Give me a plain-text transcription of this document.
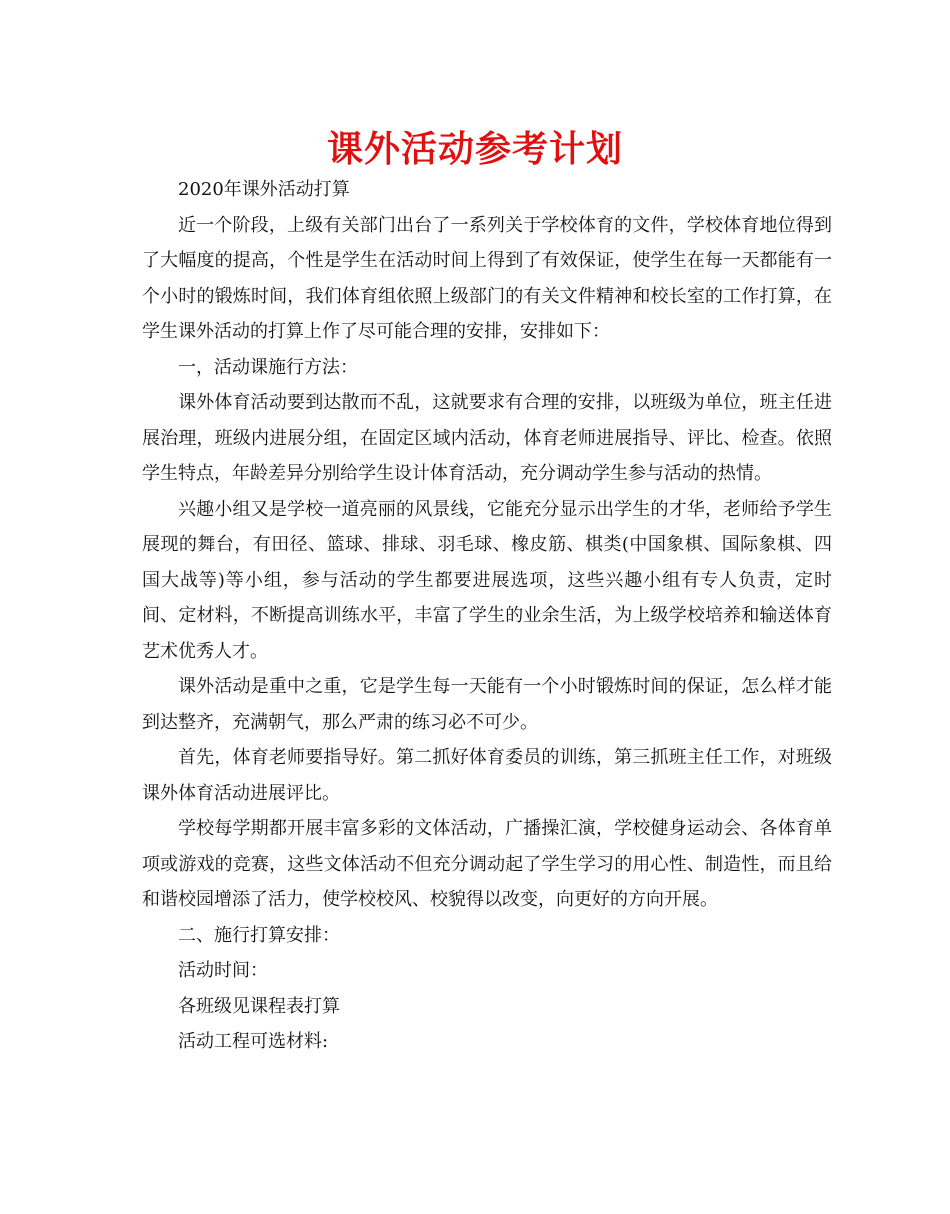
课外活动参考计划

2020年课外活动打算

近一个阶段，上级有关部门出台了一系列关于学校体育的文件，学校体育地位得到了大幅度的提高，个性是学生在活动时间上得到了有效保证，使学生在每一天都能有一个小时的锻炼时间，我们体育组依照上级部门的有关文件精神和校长室的工作打算，在学生课外活动的打算上作了尽可能合理的安排，安排如下：

一，活动课施行方法：

课外体育活动要到达散而不乱，这就要求有合理的安排，以班级为单位，班主任进展治理，班级内进展分组，在固定区域内活动，体育老师进展指导、评比、检查。依照学生特点，年龄差异分别给学生设计体育活动，充分调动学生参与活动的热情。

兴趣小组又是学校一道亮丽的风景线，它能充分显示出学生的才华，老师给予学生展现的舞台，有田径、篮球、排球、羽毛球、橡皮筋、棋类(中国象棋、国际象棋、四国大战等)等小组，参与活动的学生都要进展选项，这些兴趣小组有专人负责，定时间、定材料，不断提高训练水平，丰富了学生的业余生活，为上级学校培养和输送体育艺术优秀人才。

课外活动是重中之重，它是学生每一天能有一个小时锻炼时间的保证，怎么样才能到达整齐，充满朝气，那么严肃的练习必不可少。

首先，体育老师要指导好。第二抓好体育委员的训练，第三抓班主任工作，对班级课外体育活动进展评比。

学校每学期都开展丰富多彩的文体活动，广播操汇演，学校健身运动会、各体育单项或游戏的竞赛，这些文体活动不但充分调动起了学生学习的用心性、制造性，而且给和谐校园增添了活力，使学校校风、校貌得以改变，向更好的方向开展。

二、施行打算安排：

活动时间：

各班级见课程表打算

活动工程可选材料:
